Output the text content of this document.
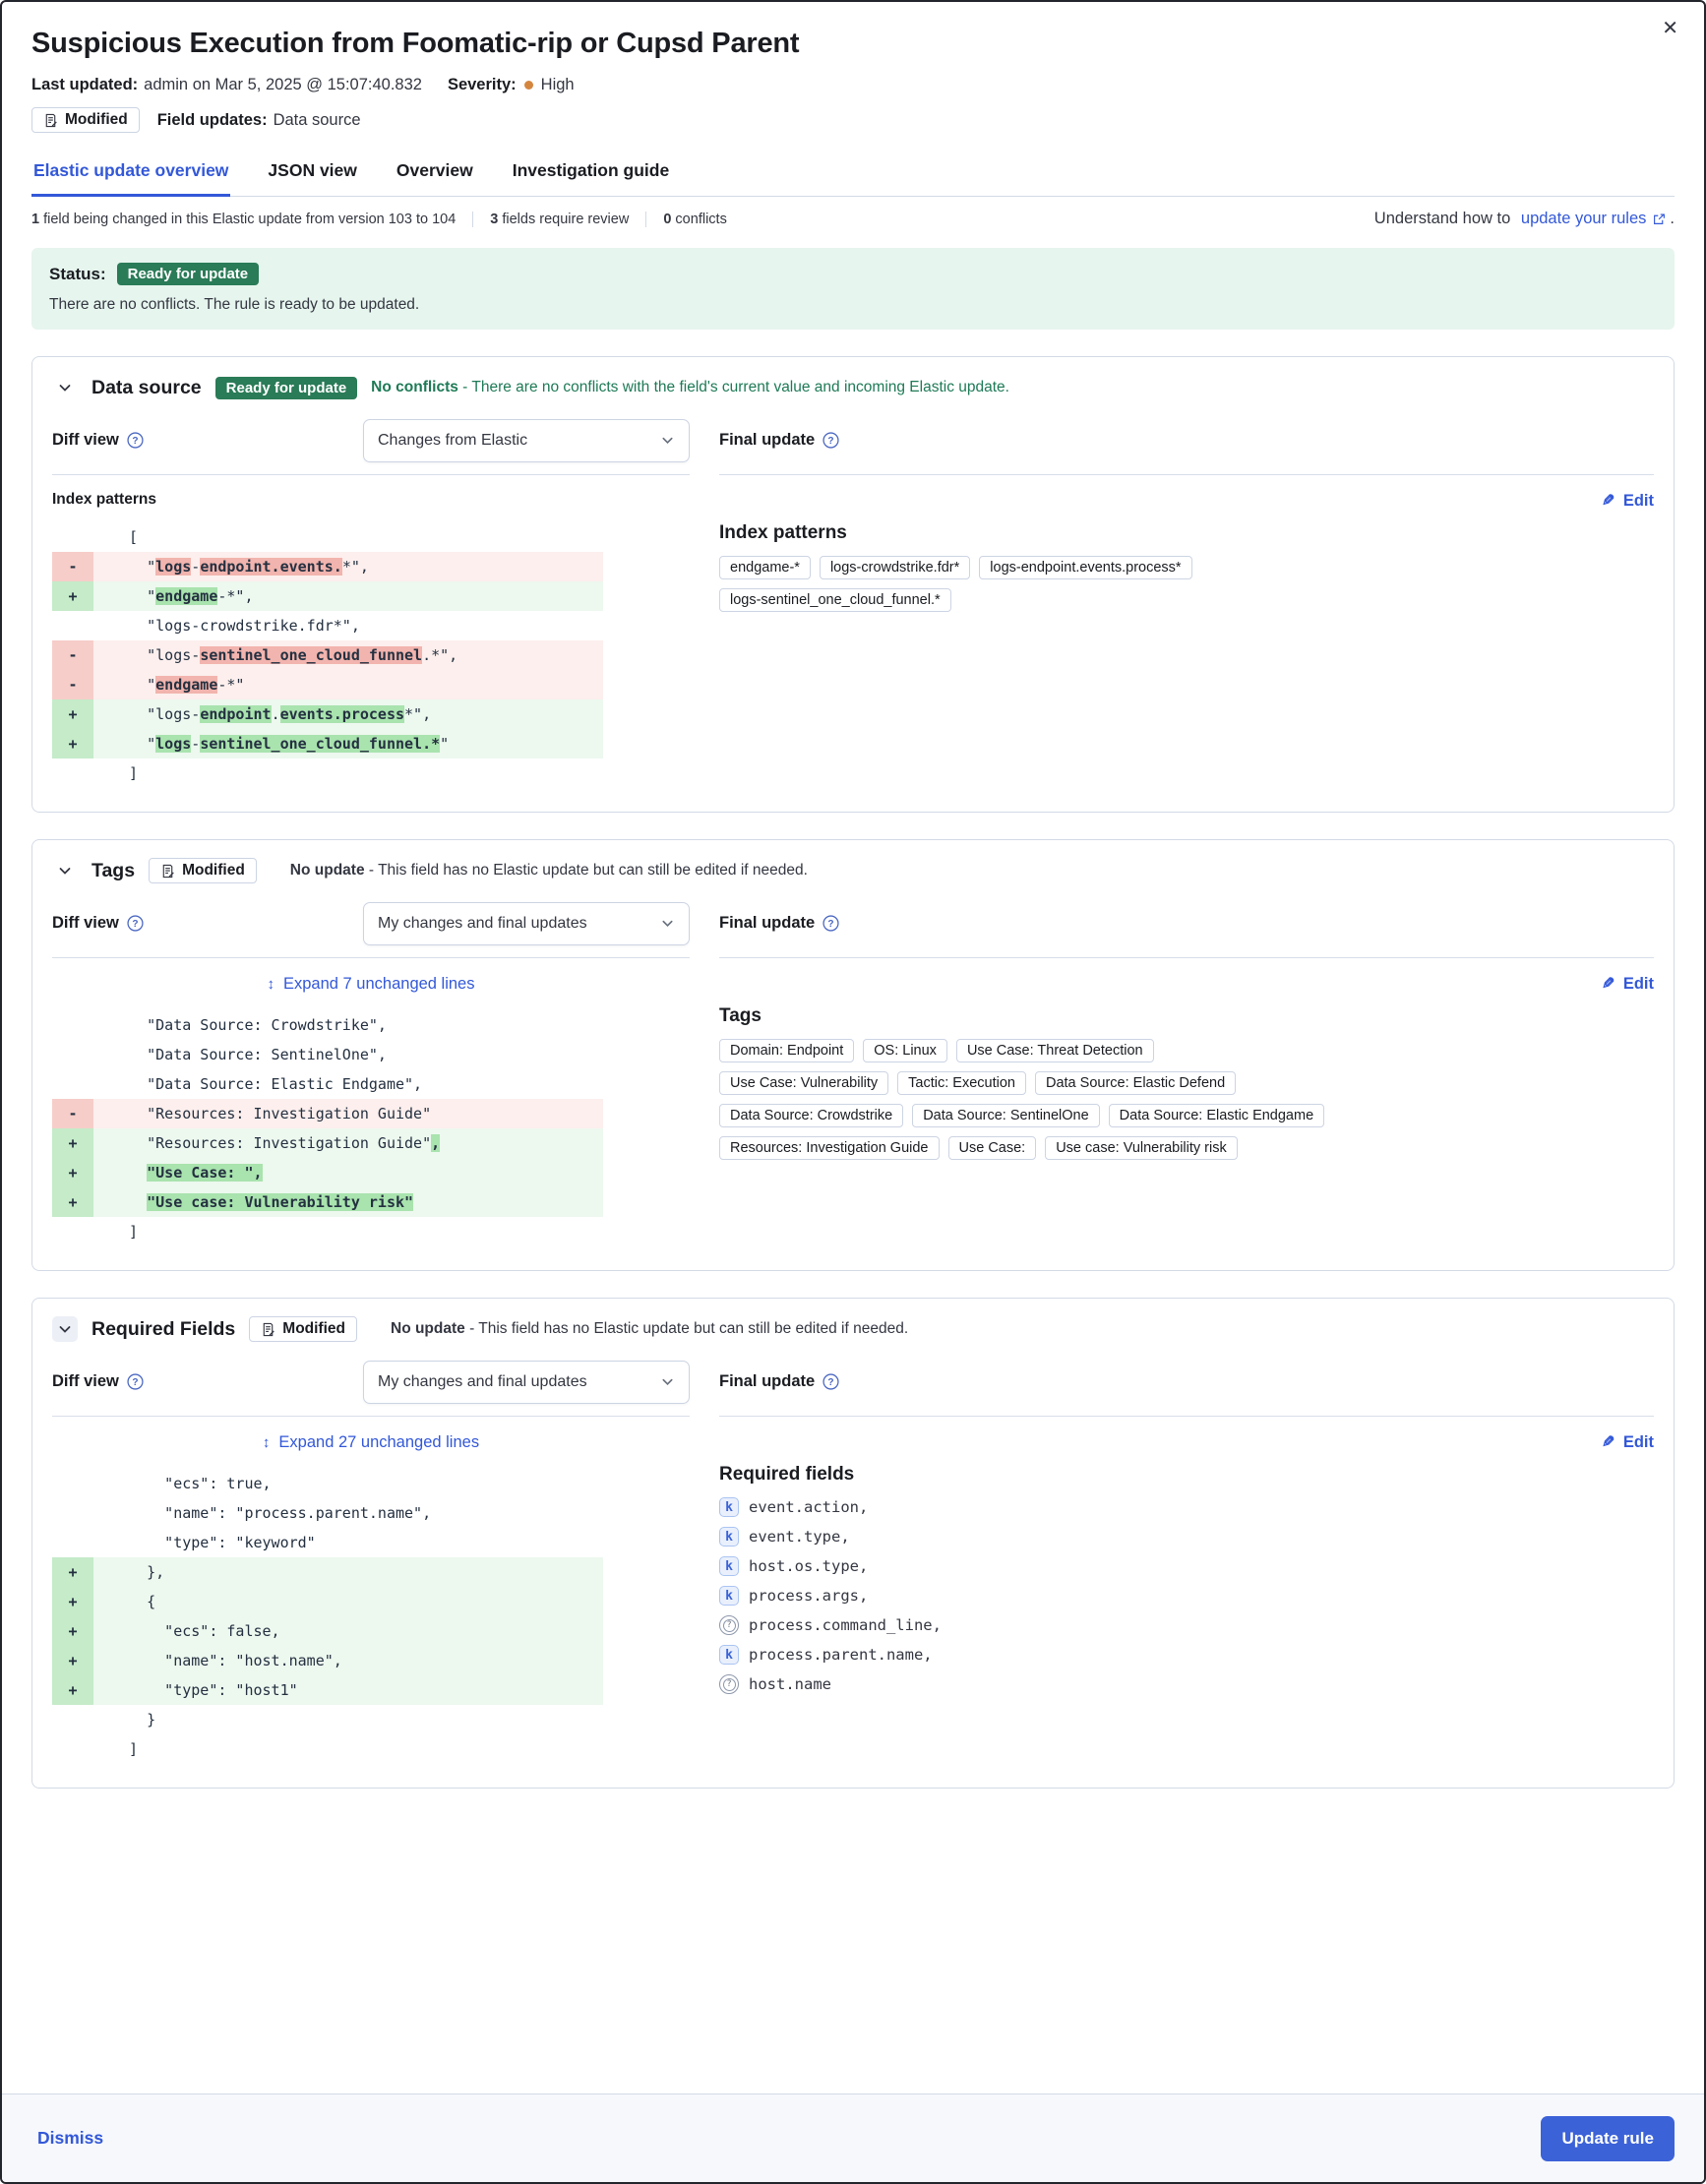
✕
Suspicious Execution from Foomatic-rip or Cupsd Parent
Last updated: admin on Mar 5, 2025 @ 15:07:40.832 Severity: High
Modified Field updates: Data source
Elastic update overview JSON view Overview Investigation guide
1 field being changed in this Elastic update from version 103 to 104	3 fields require review	0 conflicts	Understand how to
update your rules .
Status:	Ready for update
There are no conflicts. The rule is ready to be updated.
Data source	Ready for update	No conflicts - There are no conflicts with the field's current value and incoming Elastic update.
Diff view ?	Changes from Elastic
Index patterns
[
-	"logs-endpoint.events.*",
+	"endgame-*",
"logs-crowdstrike.fdr*",
-	"logs-sentinel_one_cloud_funnel.*",
-	"endgame-*"
+	"logs-endpoint.events.process*",
+	"logs-sentinel_one_cloud_funnel.*"
]
Final update ?
✎ Edit
Index patterns
endgame-*	logs-crowdstrike.fdr*	logs-endpoint.events.process*
logs-sentinel_one_cloud_funnel.*
Tags	Modified	No update - This field has no Elastic update but can still be edited if needed.
Diff view ?	My changes and final updates
↕ Expand 7 unchanged lines
"Data Source: Crowdstrike",
"Data Source: SentinelOne",
"Data Source: Elastic Endgame",
-	"Resources: Investigation Guide"
+	"Resources: Investigation Guide",
+	"Use Case: ",
+	"Use case: Vulnerability risk"
]
Final update ?
✎ Edit
Tags
Domain: Endpoint	OS: Linux	Use Case: Threat Detection
Use Case: Vulnerability	Tactic: Execution	Data Source: Elastic Defend
Data Source: Crowdstrike	Data Source: SentinelOne	Data Source: Elastic Endgame
Resources: Investigation Guide	Use Case:	Use case: Vulnerability risk
Required Fields	Modified	No update - This field has no Elastic update but can still be edited if needed.
Diff view ?	My changes and final updates
↕ Expand 27 unchanged lines
"ecs": true,
"name": "process.parent.name",
"type": "keyword"
+	},
+	{
+	"ecs": false,
+	"name": "host.name",
+	"type": "host1"
}
]
Final update ?
✎ Edit
Required fields
k	event.action,
k	event.type,
k	host.os.type,
k	process.args,
? process.command_line,
k	process.parent.name,
? host.name
Dismiss	Update rule
